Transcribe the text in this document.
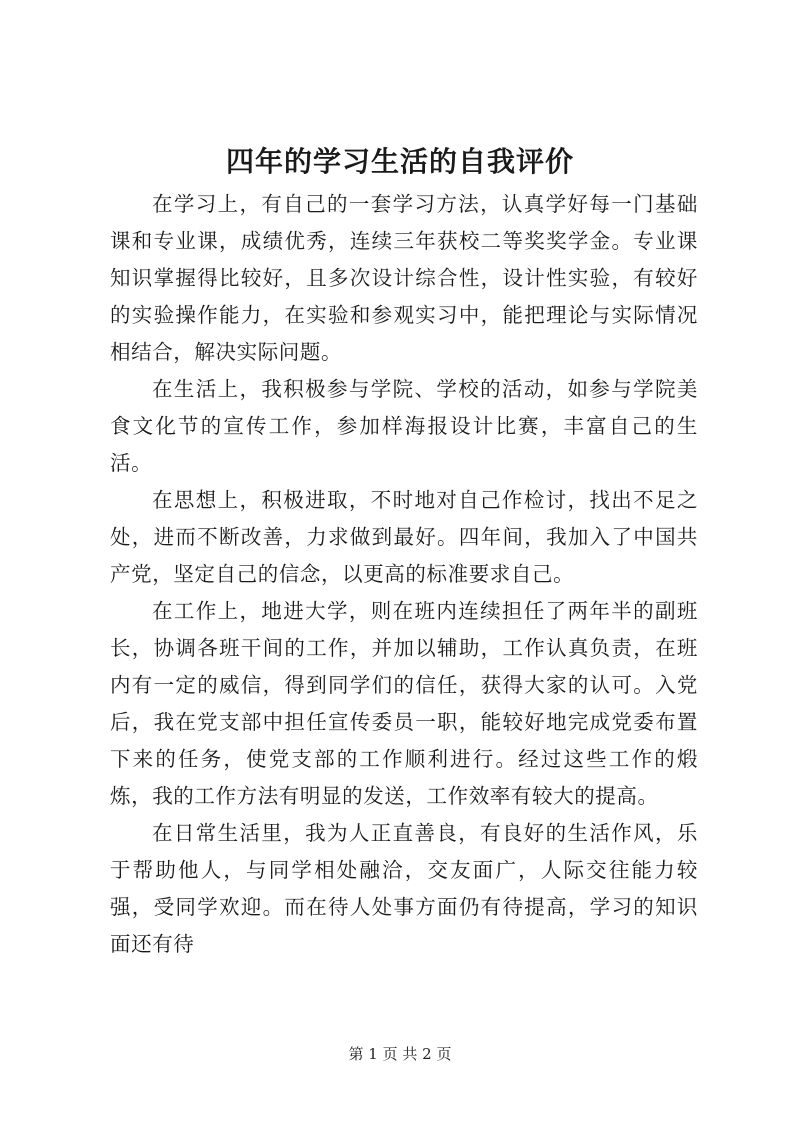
四年的学习生活的自我评价

在学习上，有自己的一套学习方法，认真学好每一门基础课和专业课，成绩优秀，连续三年获校二等奖奖学金。专业课知识掌握得比较好，且多次设计综合性，设计性实验，有较好的实验操作能力，在实验和参观实习中，能把理论与实际情况相结合，解决实际问题。

在生活上，我积极参与学院、学校的活动，如参与学院美食文化节的宣传工作，参加样海报设计比赛，丰富自己的生活。

在思想上，积极进取，不时地对自己作检讨，找出不足之处，进而不断改善，力求做到最好。四年间，我加入了中国共产党，坚定自己的信念，以更高的标准要求自己。

在工作上，地进大学，则在班内连续担任了两年半的副班长，协调各班干间的工作，并加以辅助，工作认真负责，在班内有一定的威信，得到同学们的信任，获得大家的认可。入党后，我在党支部中担任宣传委员一职，能较好地完成党委布置下来的任务，使党支部的工作顺利进行。经过这些工作的煅炼，我的工作方法有明显的发送，工作效率有较大的提高。

在日常生活里，我为人正直善良，有良好的生活作风，乐于帮助他人，与同学相处融洽，交友面广，人际交往能力较强，受同学欢迎。而在待人处事方面仍有待提高，学习的知识面还有待

第 1 页 共 2 页
